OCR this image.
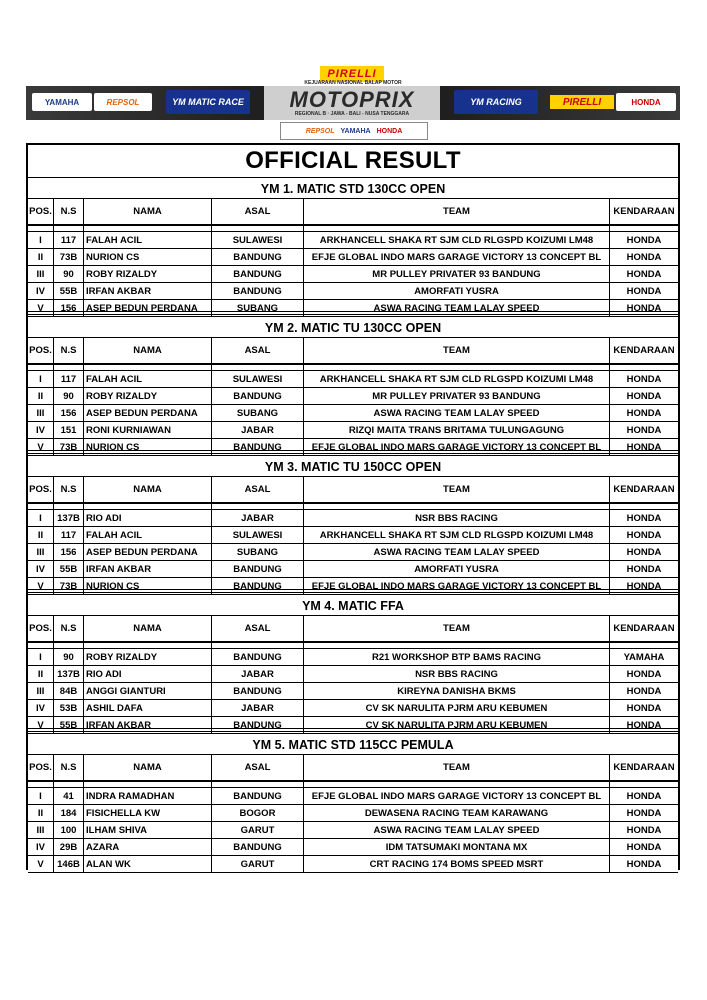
PIRELLI
KEJUARAAN NASIONAL BALAP MOTOR
YAMAHA	REPSOL	YM MATIC RACE MOTOPRIX
REGIONAL B · JAWA - BALI - NUSA TENGGARA
YM RACING	PIRELLI	HONDA
REPSOL YAMAHA HONDA
OFFICIAL RESULT
YM 1. MATIC STD 130CC OPEN
POS.	N.S	NAMA	ASAL	TEAM	KENDARAAN

I	117	FALAH ACIL	SULAWESI	ARKHANCELL SHAKA RT SJM CLD RLGSPD KOIZUMI LM48	HONDA
II	73B	NURION CS	BANDUNG	EFJE GLOBAL INDO MARS GARAGE VICTORY 13 CONCEPT BL	HONDA
III	90	ROBY RIZALDY	BANDUNG	MR PULLEY PRIVATER 93 BANDUNG	HONDA
IV	55B	IRFAN AKBAR	BANDUNG	AMORFATI YUSRA	HONDA
V	156	ASEP BEDUN PERDANA	SUBANG	ASWA RACING TEAM LALAY SPEED	HONDA
YM 2. MATIC TU 130CC OPEN
POS.	N.S	NAMA	ASAL	TEAM	KENDARAAN

I	117	FALAH ACIL	SULAWESI	ARKHANCELL SHAKA RT SJM CLD RLGSPD KOIZUMI LM48	HONDA
II	90	ROBY RIZALDY	BANDUNG	MR PULLEY PRIVATER 93 BANDUNG	HONDA
III	156	ASEP BEDUN PERDANA	SUBANG	ASWA RACING TEAM LALAY SPEED	HONDA
IV	151	RONI KURNIAWAN	JABAR	RIZQI MAITA TRANS BRITAMA TULUNGAGUNG	HONDA
V	73B	NURION CS	BANDUNG	EFJE GLOBAL INDO MARS GARAGE VICTORY 13 CONCEPT BL	HONDA
YM 3. MATIC TU 150CC OPEN
POS.	N.S	NAMA	ASAL	TEAM	KENDARAAN

I	137B	RIO ADI	JABAR	NSR BBS RACING	HONDA
II	117	FALAH ACIL	SULAWESI	ARKHANCELL SHAKA RT SJM CLD RLGSPD KOIZUMI LM48	HONDA
III	156	ASEP BEDUN PERDANA	SUBANG	ASWA RACING TEAM LALAY SPEED	HONDA
IV	55B	IRFAN AKBAR	BANDUNG	AMORFATI YUSRA	HONDA
V	73B	NURION CS	BANDUNG	EFJE GLOBAL INDO MARS GARAGE VICTORY 13 CONCEPT BL	HONDA
YM 4. MATIC FFA
POS.	N.S	NAMA	ASAL	TEAM	KENDARAAN

I	90	ROBY RIZALDY	BANDUNG	R21 WORKSHOP BTP BAMS RACING	YAMAHA
II	137B	RIO ADI	JABAR	NSR BBS RACING	HONDA
III	84B	ANGGI GIANTURI	BANDUNG	KIREYNA DANISHA BKMS	HONDA
IV	53B	ASHIL DAFA	JABAR	CV SK NARULITA PJRM ARU KEBUMEN	HONDA
V	55B	IRFAN AKBAR	BANDUNG	CV SK NARULITA PJRM ARU KEBUMEN	HONDA
YM 5. MATIC STD 115CC PEMULA
POS.	N.S	NAMA	ASAL	TEAM	KENDARAAN

I	41	INDRA RAMADHAN	BANDUNG	EFJE GLOBAL INDO MARS GARAGE VICTORY 13 CONCEPT BL	HONDA
II	184	FISICHELLA KW	BOGOR	DEWASENA RACING TEAM KARAWANG	HONDA
III	100	ILHAM SHIVA	GARUT	ASWA RACING TEAM LALAY SPEED	HONDA
IV	29B	AZARA	BANDUNG	IDM TATSUMAKI MONTANA MX	HONDA
V	146B	ALAN WK	GARUT	CRT RACING 174 BOMS SPEED MSRT	HONDA
